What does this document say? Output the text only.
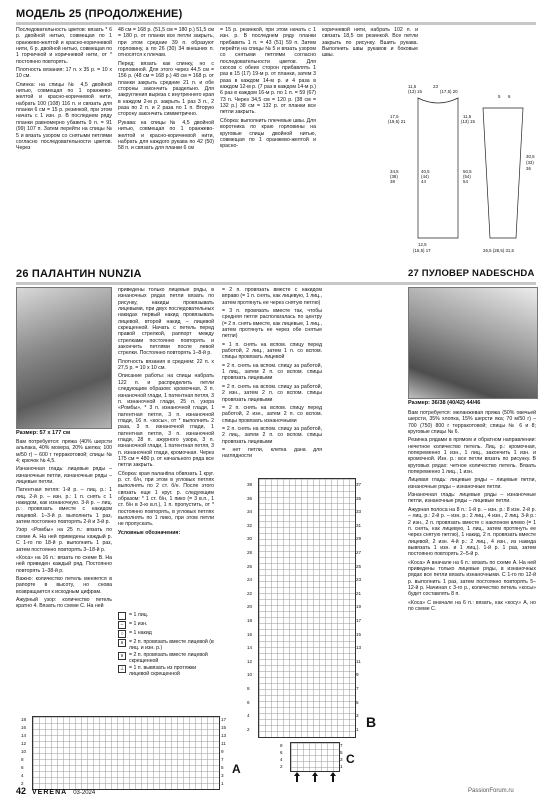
МОДЕЛЬ 25 (ПРОДОЛЖЕНИЕ)

Последовательность цветов: вязать * 6 р. двойной нитью, совмещая по 1 оранжево-желтой и красно-коричневой нити, 6 р. двойной нитью, совмещая по 1 горчичной и коричневой нити, от * постоянно повторять.

Плотность вязания: 17 п. x 35 р. = 10 x 10 см.

Спинка: на спицы № 4,5 двойной нитью, совмещая по 1 оранжево-желтой и красно-коричневой нити, набрать 100 (108) 116 п. и связать для планки 6 см = 15 р. резинкой, при этом начать с 1 изн. р. В последнем ряду планки равномерно убавить 9 п. = 91 (99) 107 п. Затем перейти на спицы № 5 и вязать узором со снятыми петлями согласно последовательности цветов. Через

48 см = 168 р. (51,5 см = 180 р.) 51,5 см = 180 р. от планки все петли закрыть, при этом средние 39 п. образуют горловину, а по 26 (30) 34 внешних п. относятся к плечам.

Перед: вязать как спинку, но с горловиной. Для этого через 44,5 см = 156 р. (48 см = 168 р.) 48 см = 168 р. от планки закрыть средние 21 п. и обе стороны закончить раздельно. Для закругления выреза с внутреннего края в каждом 2-м р. закрыть 1 раз 3 п., 2 раза по 2 п. и 2 раза по 1 п. Вторую сторону закончить симметрично.

Рукава: на спицы № 4,5 двойной нитью, совмещая по 1 оранжево-желтой и красно-коричневой нити, набрать для каждого рукава по 42 (50) 58 п. и связать для планки 6 см

= 15 р. резинкой, при этом начать с 1 изн. р. В последнем ряду планки прибавить 1 п. = 43 (51) 59 п. Затем перейти на спицы № 5 и вязать узором со снятыми петлями согласно последовательности цветов. Для скосов с обеих сторон прибавлять 1 раз в 15 (17) 19-м р. от планки, затем 3 раза в каждом 14-м р. и 4 раза в каждом 12-м р. (7 раз в каждом 14-м р.) 6 раз в каждом 16-м р. по 1 п. = 59 (67) 73 п. Через 34,5 см = 120 р. (38 см = 132 р.) 38 см = 132 р. от планки все петли закрыть.

Сборка: выполнить плечевые швы. Для воротника по краю горловины на круговые спицы двойной нитью, совмещая по 1 оранжево-желтой и красно-

коричневой нити, набрать 102 п. и связать 18,5 см резинкой. Все петли закрыть по рисунку. Вшить рукава. Выполнить швы рукавов и боковые швы.

11,5
(13) 15
23
(17,5) 20
17,5
(19,5) 21
34,5
(38)
38
40,5
(44)
44
11,5
(13) 15
50,5
(54)
54
12,5
(15,5) 17	26,5 (28,5) 31,5
30,5
(33)
36
5 6
26 ПАЛАНТИН NUNZIA	27 ПУЛОВЕР NADESCHDA
Размер: 57 x 177 см

Вам потребуется: пряжа (40% шерсти альпака, 40% мохера, 20% шелка; 100 м/50 г) – 600 г терракотовой; спицы № 4; крючок № 4,5.

Изнаночная гладь: лицевые ряды – изнаночные петли, изнаночные ряды – лицевые петли.

Патентная петля: 1-й р. – лиц. р.: 1 лиц. 2-й р. – изн. р.: 1 п. снять с 1 накидом, как изнаночную. 3-й р. – лиц. р.: провязать вместе с накидом лицевой. 1–3-й р. выполнить 1 раз, затем постоянно повторять 2-й и 3-й р.

Узор «Ромбы» на 25 п.: вязать по схеме А. На ней приведены каждый р. С 1-го по 18-й р. выполнить 1 раз, затем постоянно повторять 3–18-й р.

«Коса» на 16 п.: вязать по схеме В. На ней приведен каждый ряд. Постоянно повторять 1–38-й р.

Важно: количество петель меняется в рапорте в высоту, но снова возвращается к исходным цифрам.

Ажурный узор: количество петель кратно 4. Вязать по схеме С. На ней

приведены только лицевые ряды, в изнаночных рядах петли вязать по рисунку, накиды провязывать лицевыми, при двух последовательных накидах первый накид провязывать лицевой, второй накид – лицевой скрещенной. Начать с петель перед правой стрелкой, раппорт между стрелками постоянно повторять и закончить петлями после левой стрелки. Постоянно повторять 1–8-й р.

Плотность вязания в среднем: 22 п. x 27,5 р. = 10 x 10 см.

Описание работы: на спицы набрать 122 п. и распределить петли следующим образом: кромочная, 3 п. изнаночной глади, 1 патентная петля, 3 п. изнаночной глади, 25 п. узора «Ромбы», * 3 п. изнаночной глади, 1 патентная петля, 3 п. изнаночной глади, 16 п. «косы», от * выполнить 2 раза, 3 п. изнаночной глади, 1 патентная петля, 3 п. изнаночной глади, 28 п. ажурного узора, 3 п. изнаночной глади, 1 патентная петля, 3 п. изнаночной глади, кромочная. Через 175 см = 480 р. от начального ряда все петли закрыть.

Сборка: края паланtina обвязать 1 круг. р. ст. б/н, при этом в угловых петлях выполнять по 2 ст. б/н. После этого связать еще 1 круг. р. следующим образом: * 1 ст. б/н, 1 пико (= 3 в.п., 1 ст. б/н в 3-ю в.п.), 1 п. пропустить, от * постоянно повторять, в угловых петлях выполнять по 1 пико, при этом петли не пропускать.

Условные обозначения:

= 1 лиц.
−	= 1 изн.
○	= 1 накид
∧ = 2 п. провязать вместе лицевой (в лиц. и изн. р.)
∨ = 2 п. провязать вместе лицевой скрещенной
⊥ = 1 п. вывязать из протяжки лицевой скрещенной

= 2 п. провязать вместе с накидом вправо (= 1 п. снять, как лицевую, 1 лиц., затем протянуть ее через снятую петлю)

= 3 п. провязать вместе так, чтобы средняя петля располагалась по центру (= 2 п. снять вместе, как лицевые, 1 лиц., затем протянуть ее через обе снятые петли)

= 1 п. снять на вспом. спицу перед работой, 2 лиц., затем 1 п. со вспом. спицы провязать лицевой

= 2 п. снять на вспом. спицу за работой, 1 лиц., затем 2 п. со вспом. спицы провязать лицевыми

= 2 п. снять на вспом. спицу за работой, 2 изн., затем 2 п. со вспом. спицы провязать лицевыми

= 2 п. снять на вспом. спицу перед работой, 2 изн., затем 2 п. со вспом. спицы провязать изнаночными

= 2 п. снять на вспом. спицу за работой, 2 лиц., затем 2 п. со вспом. спицы провязать лицевыми

= нет петли, клетка дана для наглядности

37
35
33
31
29
27
25
23
21
19
17
15
13
11
9
7
5
3
1
38
36
34
32
30
28
26
24
22
20
18
16
14
12
10
8
6
4
2	B
17
15
13
11
9
7
5
3
1
18
16
14
12
10
8
6
4
2
A
7
5
3
1
8
6
4
2
C
Размер: 36/38 (40/42) 44/46

Вам потребуется: меланжевая пряжа (50% овечьей шерсти, 35% хлопка, 15% шерсти яка; 70 м/50 г) – 700 (750) 800 г терракотовой; спицы № 6 и 8; круговые спицы № 6.

Резинка рядами в прямом и обратном направлении: нечетное количество петель. Лиц. р.: кромочная, попеременно 1 изн., 1 лиц., закончить 1 изн. и кромочной. Изн. р.: все петли вязать по рисунку. В круговых рядах: четное количество петель. Вязать попеременно 1 лиц., 1 изн.

Лицевая гладь: лицевые ряды – лицевые петли, изнаночные ряды – изнаночные петли.

Изнаночная гладь: лицевые ряды – изнаночные петли, изнаночные ряды – лицевые петли.

Ажурная полоса на 8 п.: 1-й р. – изн. р.: 8 изн. 2-й р. – лиц. р.: 2-й р. – изн. р.: 2 лиц., 4 изн., 2 лиц. 3-й р.: 2 изн., 2 п. провязать вместе с наклоном влево (= 1 п. снять, как лицевую, 1 лиц., затем протянуть ее через снятую петлю), 1 накид, 2 п. провязать вместе лицевой, 2 изн. 4-й р.: 2 лиц., 4 изн., из накида вывязать 1 изн. и 1 лиц.). 1-й р. 1 раз, затем постоянно повторять 2–5-й р.

«Коса» А вначале на 6 п.: вязать по схеме А. На ней приведены только лицевые ряды, в изнаночных рядах все петли вязать изнаночными. С 1-го по 12-й р. выполнить 1 раз, затем постоянно повторять 5–12-й р. Начиная с 3-го р., количество петель «косы» будет составлять 8 п.

«Коса» С вначале на 6 п.: вязать, как «косу» А, но по схеме С.

42 VERENA 03-2024	PassionForum.ru
